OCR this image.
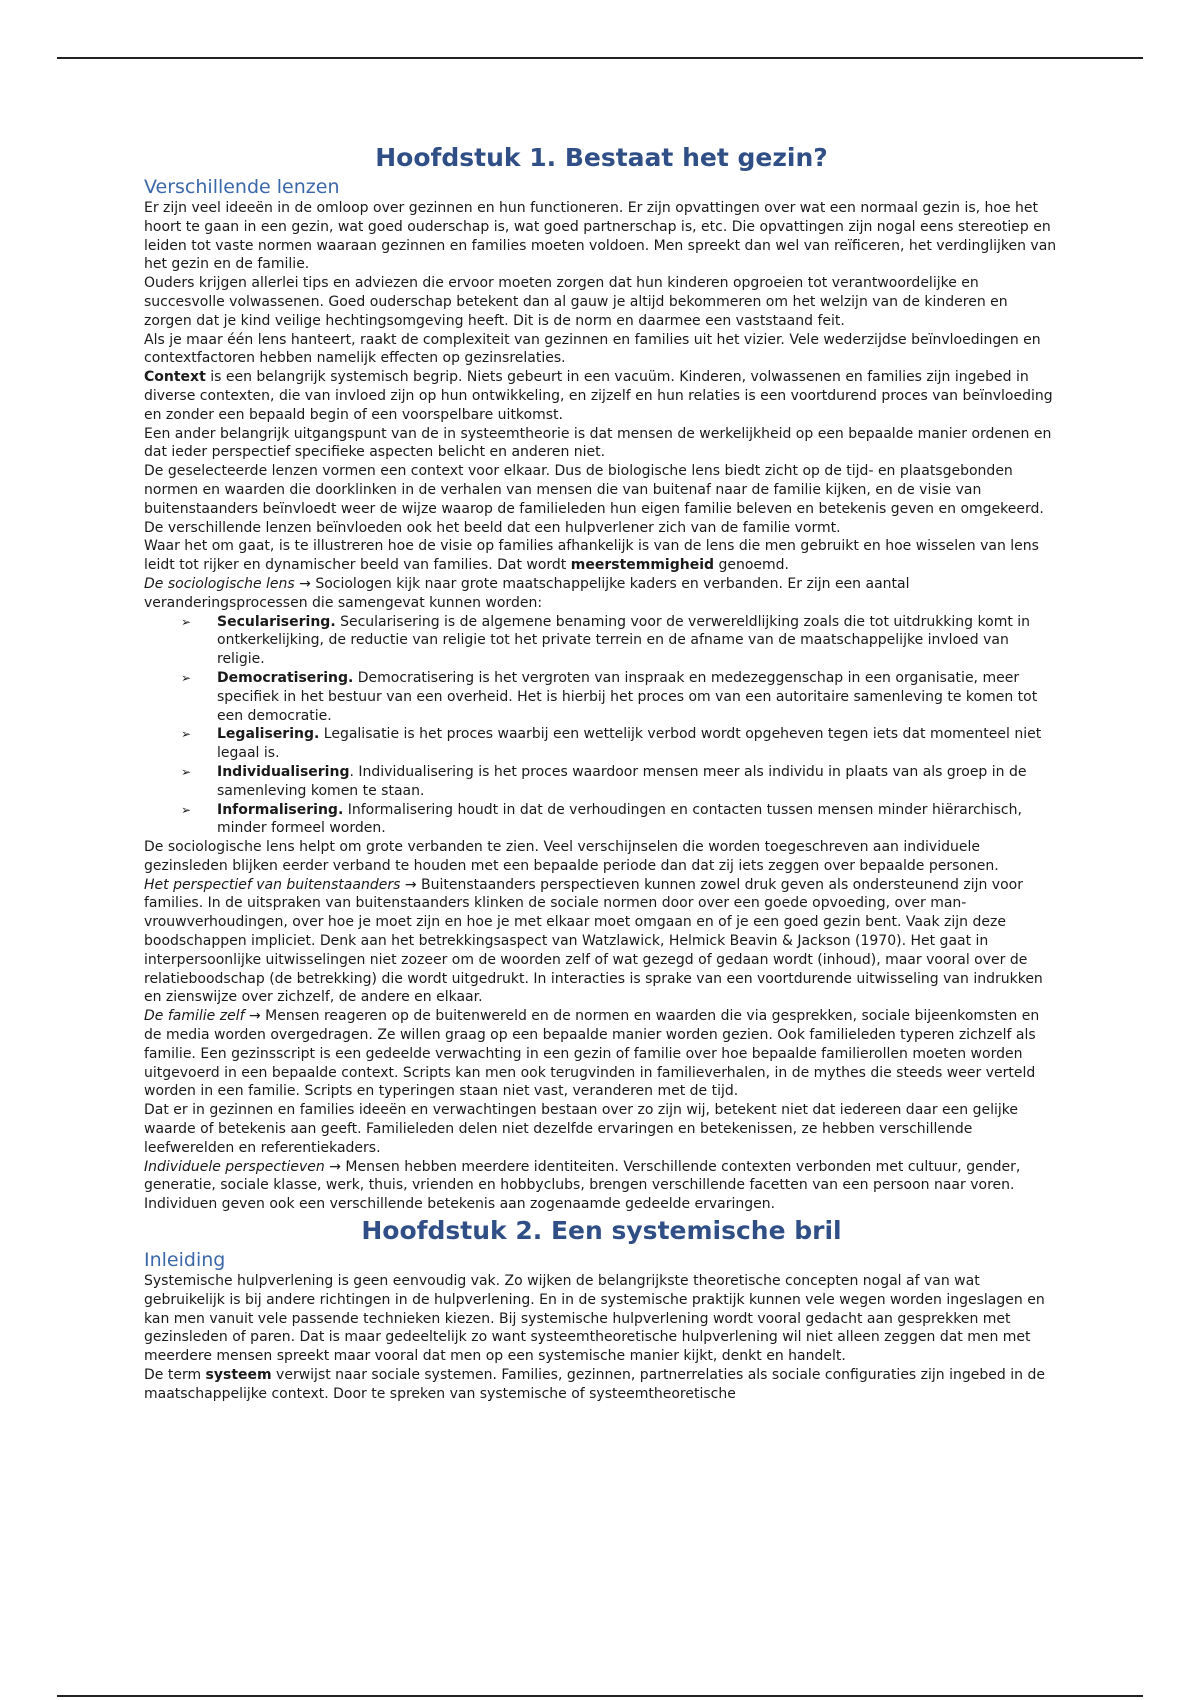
Hoofdstuk 1. Bestaat het gezin?
Verschillende lenzen

Er zijn veel ideeën in de omloop over gezinnen en hun functioneren. Er zijn opvattingen over wat een normaal gezin is, hoe het hoort te gaan in een gezin, wat goed ouderschap is, wat goed partnerschap is, etc. Die opvattingen zijn nogal eens stereotiep en leiden tot vaste normen waaraan gezinnen en families moeten voldoen. Men spreekt dan wel van reïficeren, het verdinglijken van het gezin en de familie.

Ouders krijgen allerlei tips en adviezen die ervoor moeten zorgen dat hun kinderen opgroeien tot verantwoordelijke en succesvolle volwassenen. Goed ouderschap betekent dan al gauw je altijd bekommeren om het welzijn van de kinderen en zorgen dat je kind veilige hechtingsomgeving heeft. Dit is de norm en daarmee een vaststaand feit.

Als je maar één lens hanteert, raakt de complexiteit van gezinnen en families uit het vizier. Vele wederzijdse beïnvloedingen en contextfactoren hebben namelijk effecten op gezinsrelaties.

Context is een belangrijk systemisch begrip. Niets gebeurt in een vacuüm. Kinderen, volwassenen en families zijn ingebed in diverse contexten, die van invloed zijn op hun ontwikkeling, en zijzelf en hun relaties is een voortdurend proces van beïnvloeding en zonder een bepaald begin of een voorspelbare uitkomst.

Een ander belangrijk uitgangspunt van de in systeemtheorie is dat mensen de werkelijkheid op een bepaalde manier ordenen en dat ieder perspectief specifieke aspecten belicht en anderen niet.

De geselecteerde lenzen vormen een context voor elkaar. Dus de biologische lens biedt zicht op de tijd- en plaatsgebonden normen en waarden die doorklinken in de verhalen van mensen die van buitenaf naar de familie kijken, en de visie van buitenstaanders beïnvloedt weer de wijze waarop de familieleden hun eigen familie beleven en betekenis geven en omgekeerd. De verschillende lenzen beïnvloeden ook het beeld dat een hulpverlener zich van de familie vormt.

Waar het om gaat, is te illustreren hoe de visie op families afhankelijk is van de lens die men gebruikt en hoe wisselen van lens leidt tot rijker en dynamischer beeld van families. Dat wordt meerstemmigheid genoemd.

De sociologische lens → Sociologen kijk naar grote maatschappelijke kaders en verbanden. Er zijn een aantal veranderingsprocessen die samengevat kunnen worden:

➢ Secularisering. Secularisering is de algemene benaming voor de verwereldlijking zoals die tot uitdrukking komt in ontkerkelijking, de reductie van religie tot het private terrein en de afname van de maatschappelijke invloed van religie.
➢ Democratisering. Democratisering is het vergroten van inspraak en medezeggenschap in een organisatie, meer specifiek in het bestuur van een overheid. Het is hierbij het proces om van een autoritaire samenleving te komen tot een democratie.
➢ Legalisering. Legalisatie is het proces waarbij een wettelijk verbod wordt opgeheven tegen iets dat momenteel niet legaal is.
➢ Individualisering. Individualisering is het proces waardoor mensen meer als individu in plaats van als groep in de samenleving komen te staan.
➢ Informalisering. Informalisering houdt in dat de verhoudingen en contacten tussen mensen minder hiërarchisch, minder formeel worden.

De sociologische lens helpt om grote verbanden te zien. Veel verschijnselen die worden toegeschreven aan individuele gezinsleden blijken eerder verband te houden met een bepaalde periode dan dat zij iets zeggen over bepaalde personen.

Het perspectief van buitenstaanders → Buitenstaanders perspectieven kunnen zowel druk geven als ondersteunend zijn voor families. In de uitspraken van buitenstaanders klinken de sociale normen door over een goede opvoeding, over man-vrouwverhoudingen, over hoe je moet zijn en hoe je met elkaar moet omgaan en of je een goed gezin bent. Vaak zijn deze boodschappen impliciet. Denk aan het betrekkingsaspect van Watzlawick, Helmick Beavin & Jackson (1970). Het gaat in interpersoonlijke uitwisselingen niet zozeer om de woorden zelf of wat gezegd of gedaan wordt (inhoud), maar vooral over de relatieboodschap (de betrekking) die wordt uitgedrukt. In interacties is sprake van een voortdurende uitwisseling van indrukken en zienswijze over zichzelf, de andere en elkaar.

De familie zelf → Mensen reageren op de buitenwereld en de normen en waarden die via gesprekken, sociale bijeenkomsten en de media worden overgedragen. Ze willen graag op een bepaalde manier worden gezien. Ook familieleden typeren zichzelf als familie. Een gezinsscript is een gedeelde verwachting in een gezin of familie over hoe bepaalde familierollen moeten worden uitgevoerd in een bepaalde context. Scripts kan men ook terugvinden in familieverhalen, in de mythes die steeds weer verteld worden in een familie. Scripts en typeringen staan niet vast, veranderen met de tijd.

Dat er in gezinnen en families ideeën en verwachtingen bestaan over zo zijn wij, betekent niet dat iedereen daar een gelijke waarde of betekenis aan geeft. Familieleden delen niet dezelfde ervaringen en betekenissen, ze hebben verschillende leefwerelden en referentiekaders.

Individuele perspectieven → Mensen hebben meerdere identiteiten. Verschillende contexten verbonden met cultuur, gender, generatie, sociale klasse, werk, thuis, vrienden en hobbyclubs, brengen verschillende facetten van een persoon naar voren. Individuen geven ook een verschillende betekenis aan zogenaamde gedeelde ervaringen.

Hoofdstuk 2. Een systemische bril
Inleiding

Systemische hulpverlening is geen eenvoudig vak. Zo wijken de belangrijkste theoretische concepten nogal af van wat gebruikelijk is bij andere richtingen in de hulpverlening. En in de systemische praktijk kunnen vele wegen worden ingeslagen en kan men vanuit vele passende technieken kiezen. Bij systemische hulpverlening wordt vooral gedacht aan gesprekken met gezinsleden of paren. Dat is maar gedeeltelijk zo want systeemtheoretische hulpverlening wil niet alleen zeggen dat men met meerdere mensen spreekt maar vooral dat men op een systemische manier kijkt, denkt en handelt.

De term systeem verwijst naar sociale systemen. Families, gezinnen, partnerrelaties als sociale configuraties zijn ingebed in de maatschappelijke context. Door te spreken van systemische of systeemtheoretische
